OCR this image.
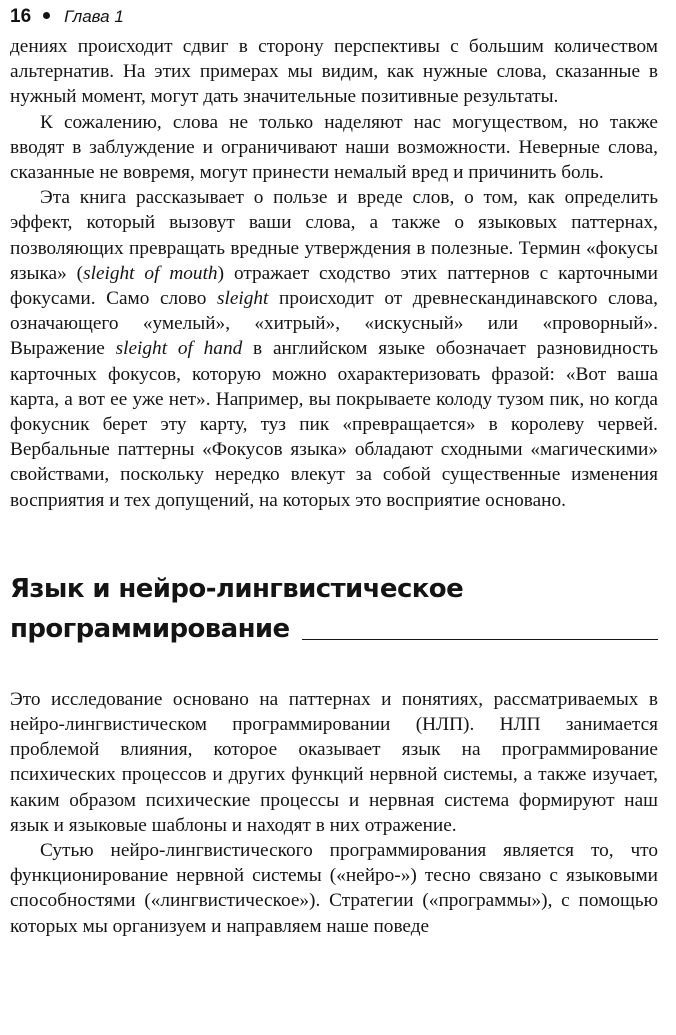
16 Глава 1

дениях происходит сдвиг в сторону перспективы с большим количеством альтернатив. На этих примерах мы видим, как нужные слова, сказанные в нужный момент, могут дать значительные позитивные результаты.

К сожалению, слова не только наделяют нас могуществом, но также вводят в заблуждение и ограничивают наши возможности. Неверные слова, сказанные не вовремя, могут принести немалый вред и причинить боль.

Эта книга рассказывает о пользе и вреде слов, о том, как определить эффект, который вызовут ваши слова, а также о языковых паттернах, позволяющих превращать вредные утверждения в полезные. Термин «фокусы языка» (sleight of mouth) отражает сходство этих паттернов с карточными фокусами. Само слово sleight происходит от древнескандинавского слова, означающего «умелый», «хитрый», «искусный» или «проворный». Выражение sleight of hand в английском языке обозначает разновидность карточных фокусов, которую можно охарактеризовать фразой: «Вот ваша карта, а вот ее уже нет». Например, вы покрываете колоду тузом пик, но когда фокусник берет эту карту, туз пик «превращается» в королеву червей. Вербальные паттерны «Фокусов языка» обладают сходными «магическими» свойствами, поскольку нередко влекут за собой существенные изменения восприятия и тех допущений, на которых это восприятие основано.

Язык и нейро-лингвистическое
программирование

Это исследование основано на паттернах и понятиях, рассматриваемых в нейро-лингвистическом программировании (НЛП). НЛП занимается проблемой влияния, которое оказывает язык на программирование психических процессов и других функций нервной системы, а также изучает, каким образом психические процессы и нервная система формируют наш язык и языковые шаблоны и находят в них отражение.

Сутью нейро-лингвистического программирования является то, что функционирование нервной системы («нейро-») тесно связано с языковыми способностями («лингвистическое»). Стратегии («программы»), с помощью которых мы организуем и направляем наше поведе
